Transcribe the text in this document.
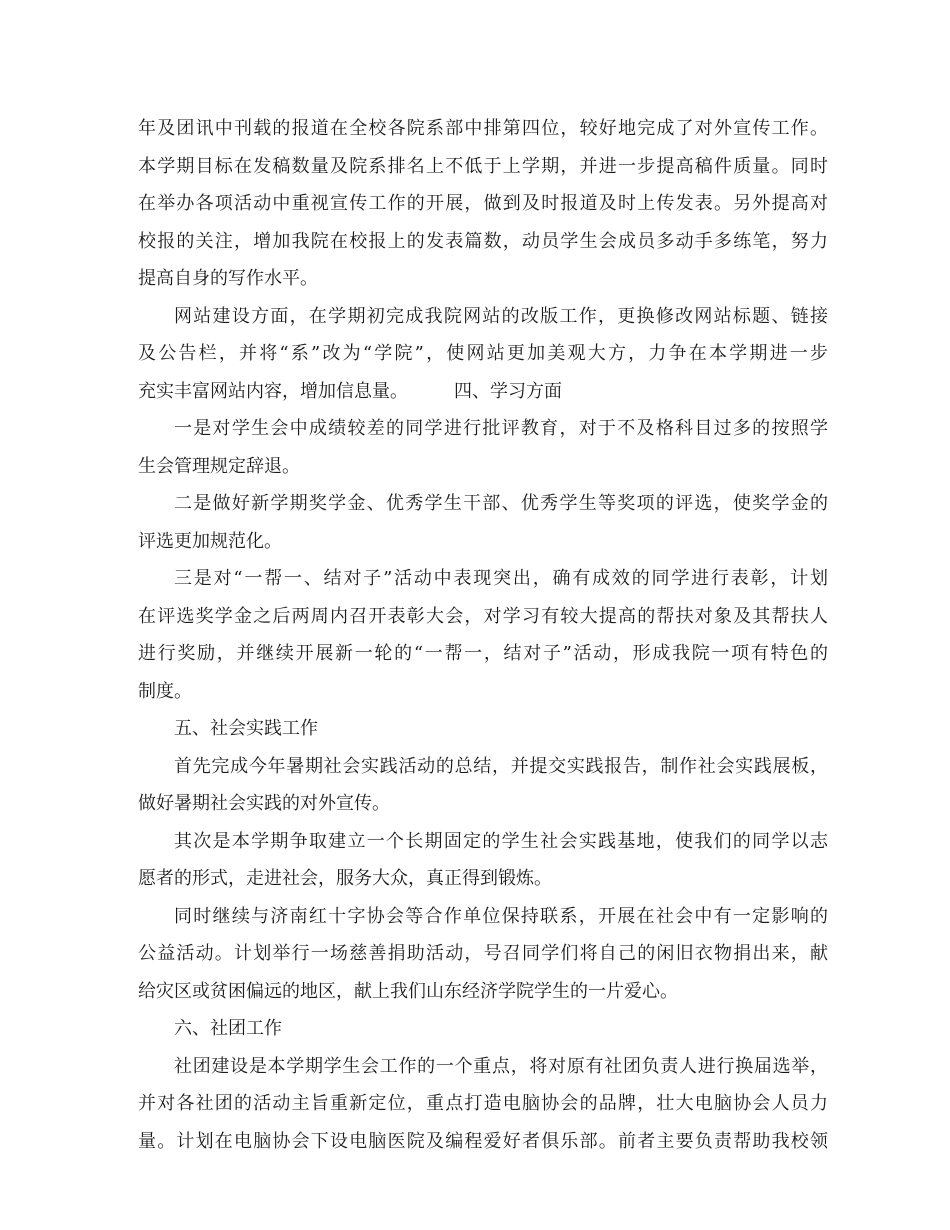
年及团讯中刊载的报道在全校各院系部中排第四位，较好地完成了对外宣传工作。
本学期目标在发稿数量及院系排名上不低于上学期，并进一步提高稿件质量。同时
在举办各项活动中重视宣传工作的开展，做到及时报道及时上传发表。另外提高对
校报的关注，增加我院在校报上的发表篇数，动员学生会成员多动手多练笔，努力
提高自身的写作水平。
网站建设方面，在学期初完成我院网站的改版工作，更换修改网站标题、链接
及公告栏，并将“系”改为“学院”，使网站更加美观大方，力争在本学期进一步
充实丰富网站内容，增加信息量。	四、学习方面
一是对学生会中成绩较差的同学进行批评教育，对于不及格科目过多的按照学
生会管理规定辞退。
二是做好新学期奖学金、优秀学生干部、优秀学生等奖项的评选，使奖学金的
评选更加规范化。
三是对“一帮一、结对子”活动中表现突出，确有成效的同学进行表彰，计划
在评选奖学金之后两周内召开表彰大会，对学习有较大提高的帮扶对象及其帮扶人
进行奖励，并继续开展新一轮的“一帮一，结对子”活动，形成我院一项有特色的
制度。
五、社会实践工作
首先完成今年暑期社会实践活动的总结，并提交实践报告，制作社会实践展板，
做好暑期社会实践的对外宣传。
其次是本学期争取建立一个长期固定的学生社会实践基地，使我们的同学以志
愿者的形式，走进社会，服务大众，真正得到锻炼。
同时继续与济南红十字协会等合作单位保持联系，开展在社会中有一定影响的
公益活动。计划举行一场慈善捐助活动，号召同学们将自己的闲旧衣物捐出来，献
给灾区或贫困偏远的地区，献上我们山东经济学院学生的一片爱心。
六、社团工作
社团建设是本学期学生会工作的一个重点，将对原有社团负责人进行换届选举，
并对各社团的活动主旨重新定位，重点打造电脑协会的品牌，壮大电脑协会人员力
量。计划在电脑协会下设电脑医院及编程爱好者俱乐部。前者主要负责帮助我校领
